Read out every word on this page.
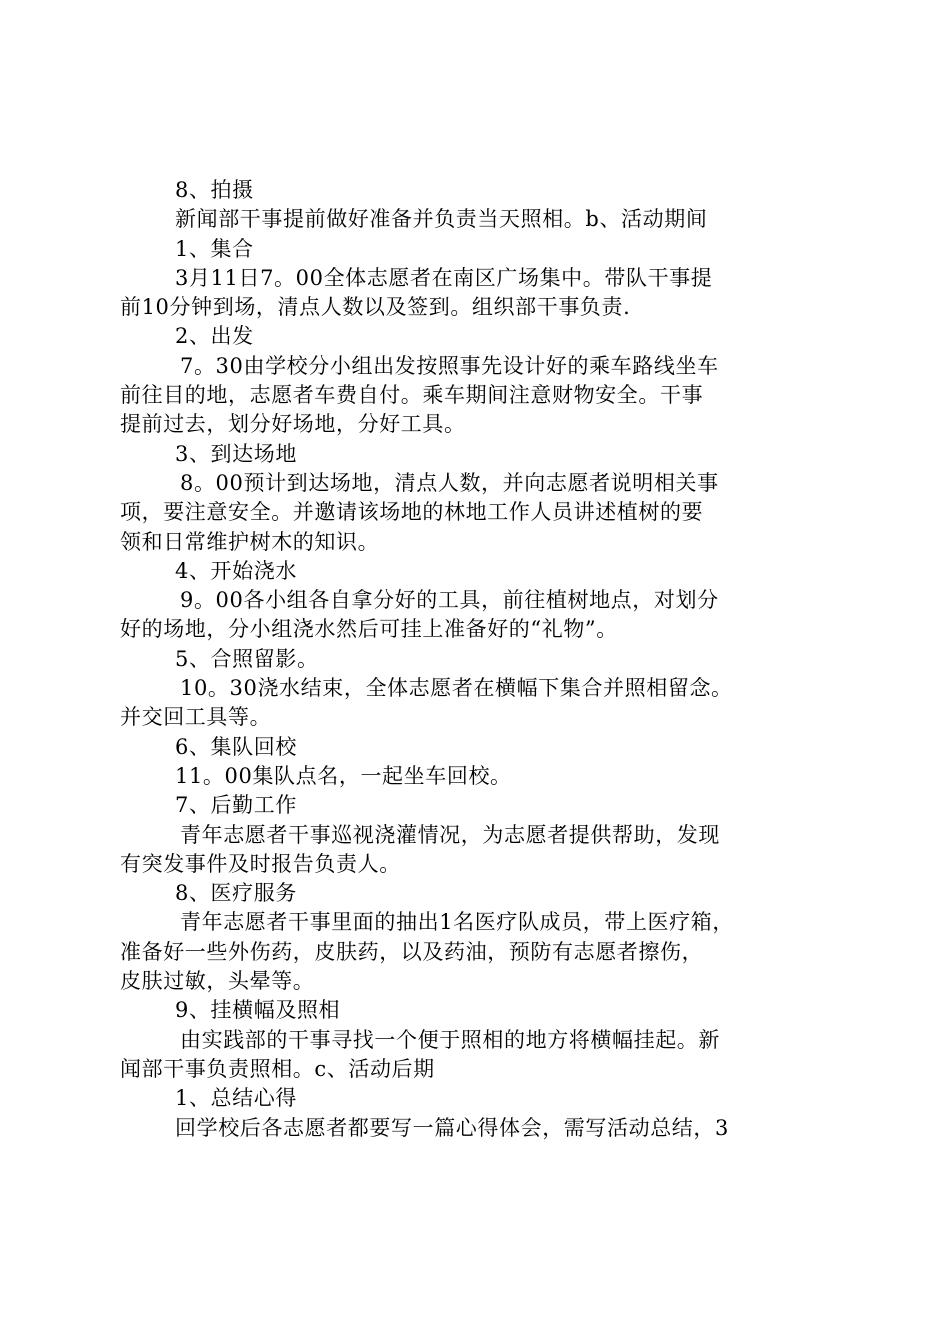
8、拍摄
新闻部干事提前做好准备并负责当天照相。b、活动期间
1、集合
3月11日7。00全体志愿者在南区广场集中。带队干事提
前10分钟到场，清点人数以及签到。组织部干事负责.
2、出发
7。30由学校分小组出发按照事先设计好的乘车路线坐车
前往目的地，志愿者车费自付。乘车期间注意财物安全。干事
提前过去，划分好场地，分好工具。
3、到达场地
8。00预计到达场地，清点人数，并向志愿者说明相关事
项，要注意安全。并邀请该场地的林地工作人员讲述植树的要
领和日常维护树木的知识。
4、开始浇水
9。00各小组各自拿分好的工具，前往植树地点，对划分
好的场地，分小组浇水然后可挂上准备好的“礼物”。
5、合照留影。
10。30浇水结束，全体志愿者在横幅下集合并照相留念。
并交回工具等。
6、集队回校
11。00集队点名，一起坐车回校。
7、后勤工作
青年志愿者干事巡视浇灌情况，为志愿者提供帮助，发现
有突发事件及时报告负责人。
8、医疗服务
青年志愿者干事里面的抽出1名医疗队成员，带上医疗箱，
准备好一些外伤药，皮肤药，以及药油，预防有志愿者擦伤，
皮肤过敏，头晕等。
9、挂横幅及照相
由实践部的干事寻找一个便于照相的地方将横幅挂起。新
闻部干事负责照相。c、活动后期
1、总结心得
回学校后各志愿者都要写一篇心得体会，需写活动总结，3
